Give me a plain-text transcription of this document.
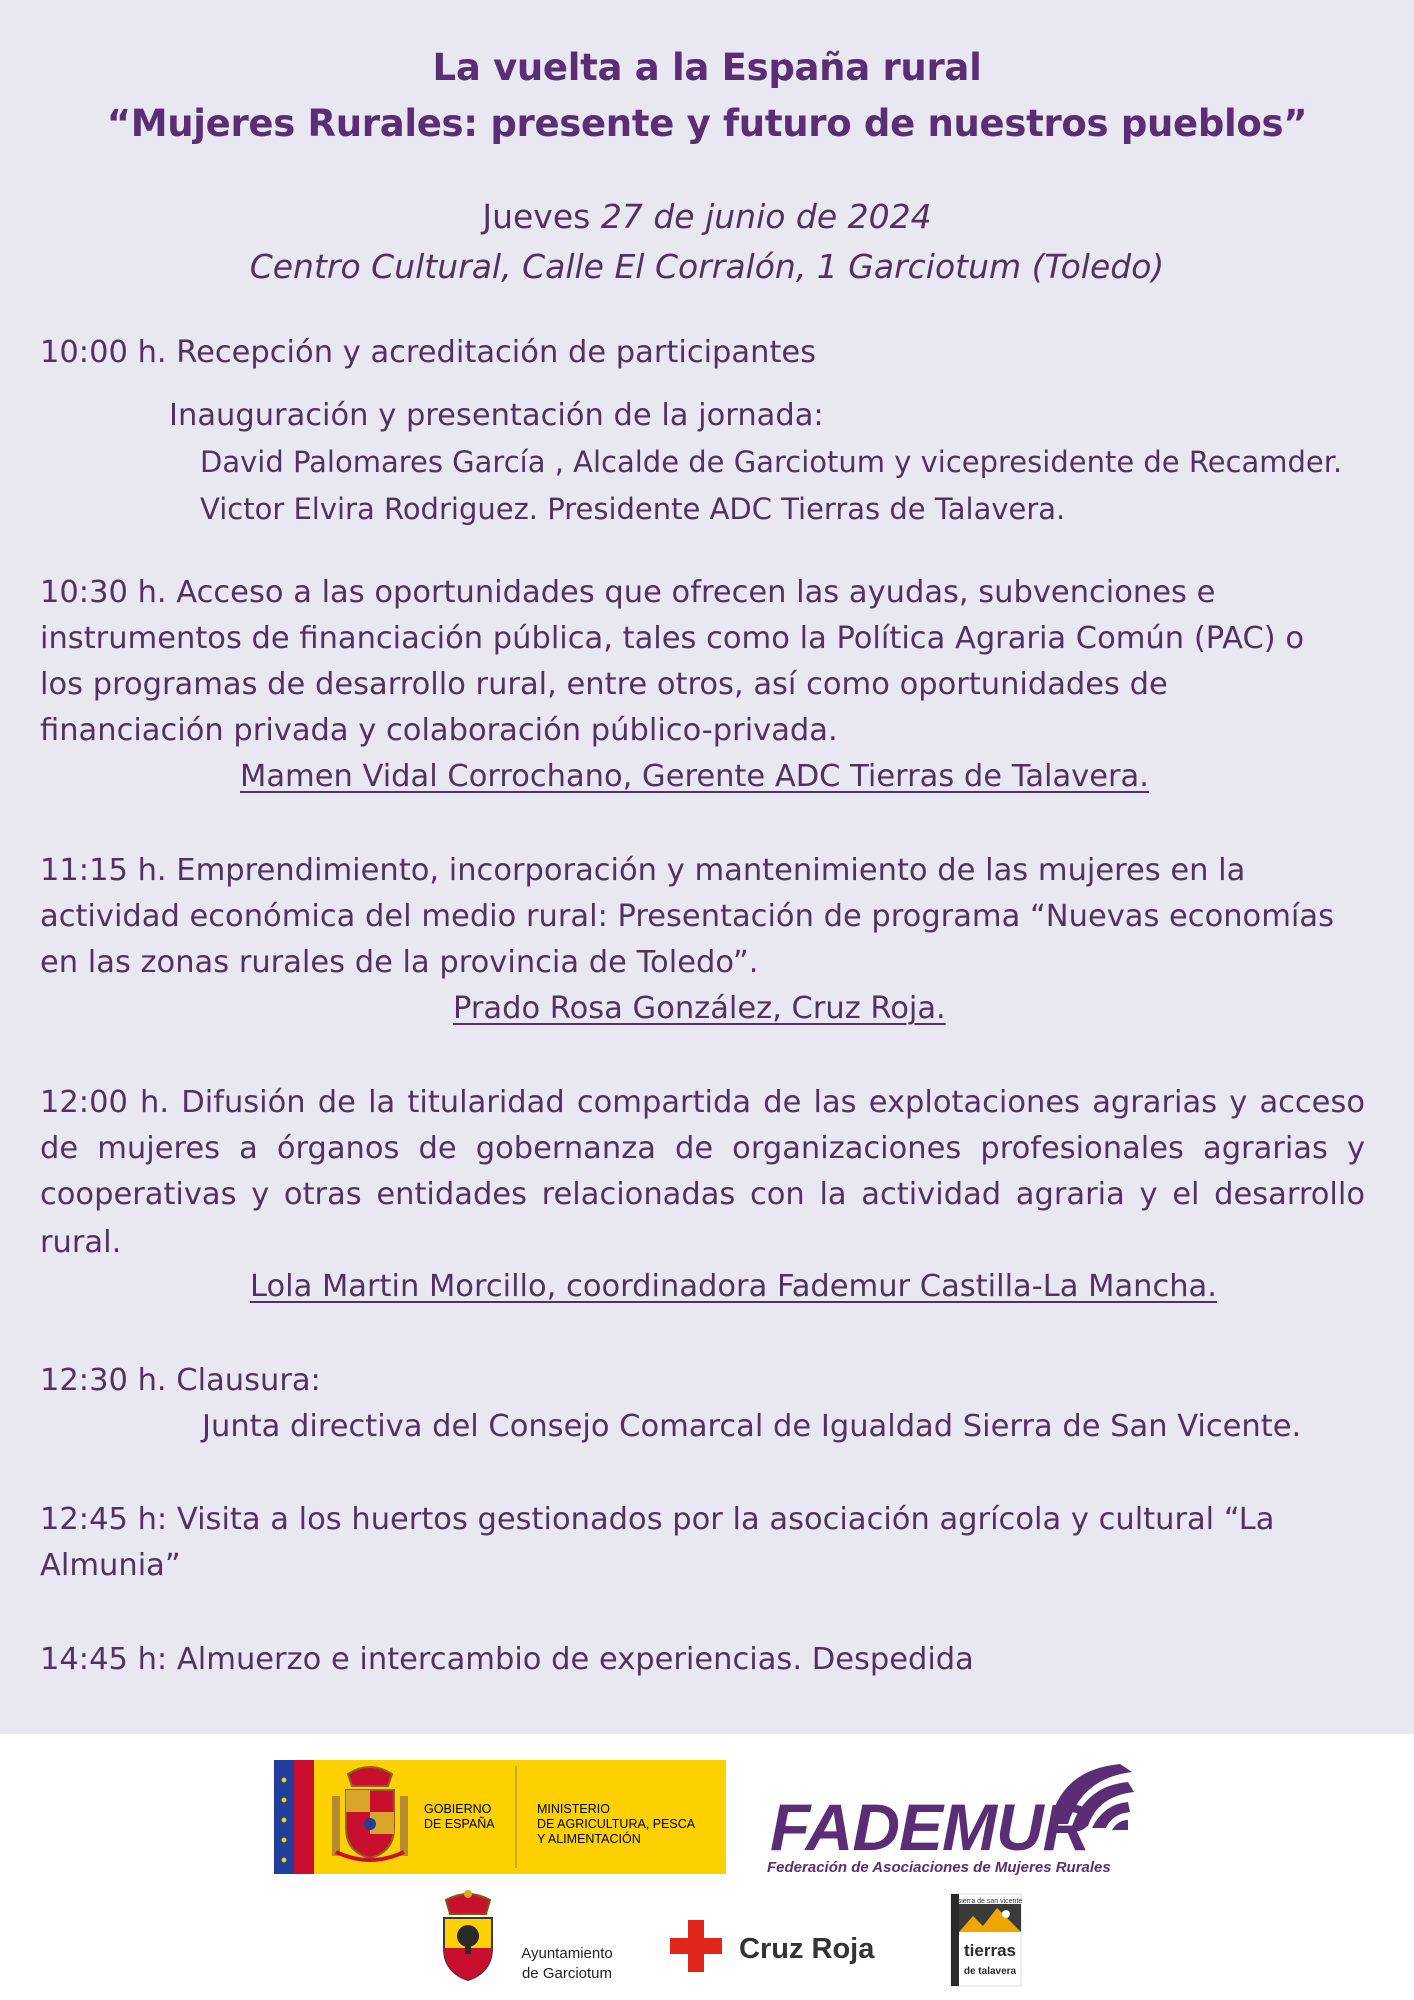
La vuelta a la España rural
“Mujeres Rurales: presente y futuro de nuestros pueblos”
Jueves 27 de junio de 2024
Centro Cultural, Calle El Corralón, 1 Garciotum (Toledo)
10:00 h. Recepción y acreditación de participantes
Inauguración y presentación de la jornada:
David Palomares García , Alcalde de Garciotum y vicepresidente de Recamder.
Victor Elvira Rodriguez. Presidente ADC Tierras de Talavera.
10:30 h. Acceso a las oportunidades que ofrecen las ayudas, subvenciones e
instrumentos de financiación pública, tales como la Política Agraria Común (PAC) o
los programas de desarrollo rural, entre otros, así como oportunidades de
financiación privada y colaboración público-privada.
Mamen Vidal Corrochano, Gerente ADC Tierras de Talavera.
11:15 h. Emprendimiento, incorporación y mantenimiento de las mujeres en la
actividad económica del medio rural: Presentación de programa “Nuevas economías
en las zonas rurales de la provincia de Toledo”.
Prado Rosa González, Cruz Roja.
12:00 h. Difusión de la titularidad compartida de las explotaciones agrarias y acceso
de mujeres a órganos de gobernanza de organizaciones profesionales agrarias y
cooperativas y otras entidades relacionadas con la actividad agraria y el desarrollo
rural.
Lola Martin Morcillo, coordinadora Fademur Castilla-La Mancha.
12:30 h. Clausura:
Junta directiva del Consejo Comarcal de Igualdad Sierra de San Vicente.
12:45 h: Visita a los huertos gestionados por la asociación agrícola y cultural “La
Almunia”
14:45 h: Almuerzo e intercambio de experiencias. Despedida
GOBIERNO
DE ESPAÑA
MINISTERIO
DE AGRICULTURA, PESCA
Y ALIMENTACIÓN FADEMUR
Federación de Asociaciones de Mujeres Rurales
Ayuntamiento
de Garciotum
Cruz Roja
sierra de san vicente
tierras
de talavera
